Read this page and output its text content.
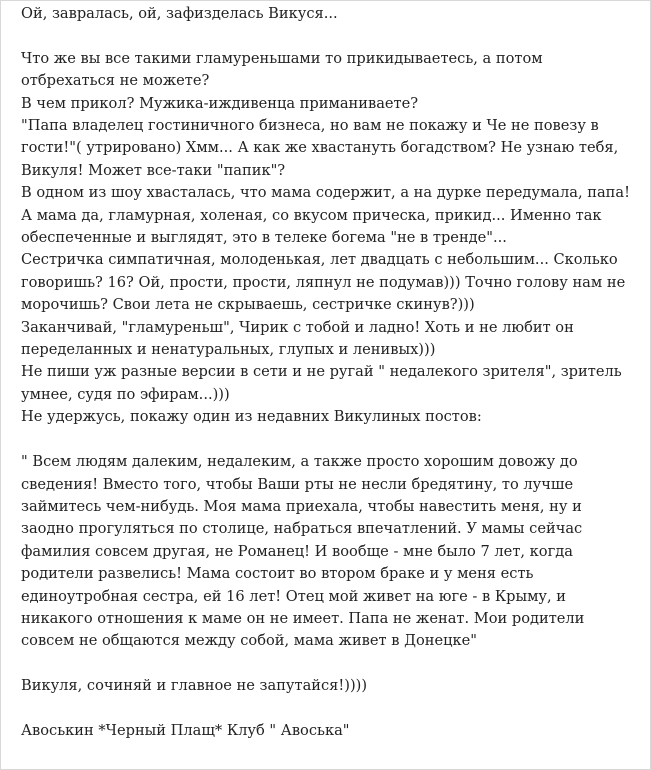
Ой, завралась, ой, зафизделась Викуся...

Что же вы все такими гламуреньшами то прикидываетесь, а потом отбрехаться не можете?

В чем прикол? Мужика-иждивенца приманиваете?

"Папа владелец гостиничного бизнеса, но вам не покажу и Че не повезу в гости!"( утрировано) Хмм... А как же хвастануть богадством? Не узнаю тебя, Викуля! Может все-таки "папик"?

В одном из шоу хвасталась, что мама содержит, а на дурке передумала, папа!

А мама да, гламурная, холеная, со вкусом прическа, прикид... Именно так обеспеченные и выглядят, это в телеке богема "не в тренде"...

Сестричка симпатичная, молоденькая, лет двадцать с небольшим... Сколько говоришь? 16? Ой, прости, прости, ляпнул не подумав))) Точно голову нам не морочишь? Свои лета не скрываешь, сестричке скинув?)))

Заканчивай, "гламуреньш", Чирик с тобой и ладно! Хоть и не любит он переделанных и ненатуральных, глупых и ленивых)))

Не пиши уж разные версии в сети и не ругай " недалекого зрителя", зритель умнее, судя по эфирам...)))

Не удержусь, покажу один из недавних Викулиных постов:

" Всем людям далеким, недалеким, а также просто хорошим довожу до сведения! Вместо того, чтобы Ваши рты не несли бредятину, то лучше займитесь чем-нибудь. Моя мама приехала, чтобы навестить меня, ну и заодно прогуляться по столице, набраться впечатлений. У мамы сейчас фамилия совсем другая, не Романец! И вообще - мне было 7 лет, когда родители развелись! Мама состоит во втором браке и у меня есть единоутробная сестра, ей 16 лет! Отец мой живет на юге - в Крыму, и никакого отношения к маме он не имеет. Папа не женат. Мои родители совсем не общаются между собой, мама живет в Донецке"

Викуля, сочиняй и главное не запутайся!))))

Авоськин *Черный Плащ* Клуб " Авоська"
